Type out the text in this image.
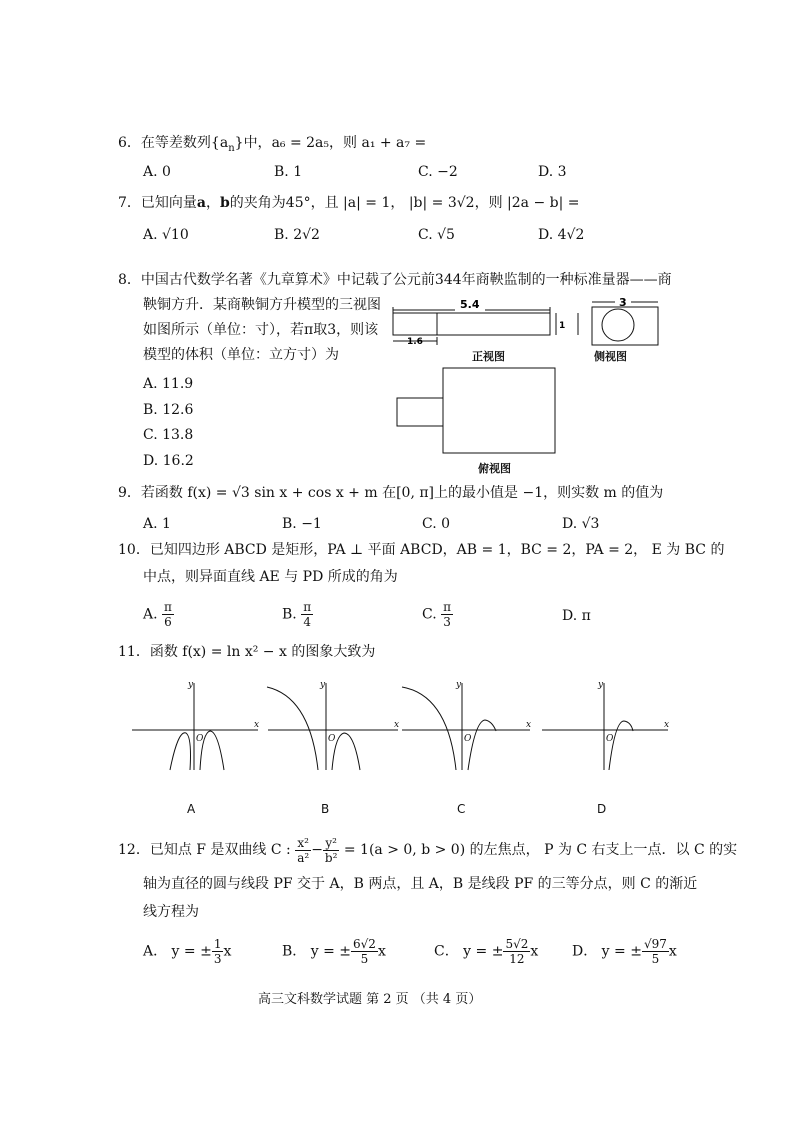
6．在等差数列$\{a_n\}$中，a₆ = 2a₅，则 a₁ + a₇ =
A. 0	B. 1	C. −2	D. 3
7．已知向量a，b的夹角为45°，且 |a| = 1， |b| = 3√2，则 |2a − b| =
A. √10	B. 2√2	C. √5	D. 4√2
8．中国古代数学名著《九章算术》中记载了公元前344年商鞅监制的一种标准量器——商
鞅铜方升．某商鞅铜方升模型的三视图
如图所示（单位：寸），若π取3，则该
模型的体积（单位：立方寸）为
A. 11.9
B. 12.6
C. 13.8
D. 16.2
5.4
1.6
1
3
正视图	侧视图
俯视图
9．若函数 f(x) = √3 sin x + cos x + m 在[0, π]上的最小值是 −1，则实数 m 的值为
A. 1	B. −1	C. 0	D. √3
10．已知四边形 ABCD 是矩形，PA ⊥ 平面 ABCD，AB = 1，BC = 2，PA = 2， E 为 BC 的
中点，则异面直线 AE 与 PD 所成的角为
A. $\frac{\pi}{6}$	B. $\frac{\pi}{4}$	C. $\frac{\pi}{3}$	D. π
11．函数 f(x) = ln x² − x 的图象大致为
x
y
O
x
y
O
x
y
O
x
y
O
A	B	C	D
12．已知点 F 是双曲线 C : $\frac{\text{x²}}{\text{a²}} - \frac{\text{y²}}{\text{b²}} = 1(a > 0$, b > 0) 的左焦点， P 为 C 右支上一点．以 C 的实
轴为直径的圆与线段 PF 交于 A，B 两点，且 A，B 是线段 PF 的三等分点，则 C 的渐近
线方程为
A． y = ± $\frac{1}{3}$ x	B． y = ± $\frac{6√2}{5}$ x	C． y = ± $\frac{5√2}{12}$ x D． y = ± $\frac{√97}{5}$ x
高三文科数学试题 第 2 页 （共 4 页）
